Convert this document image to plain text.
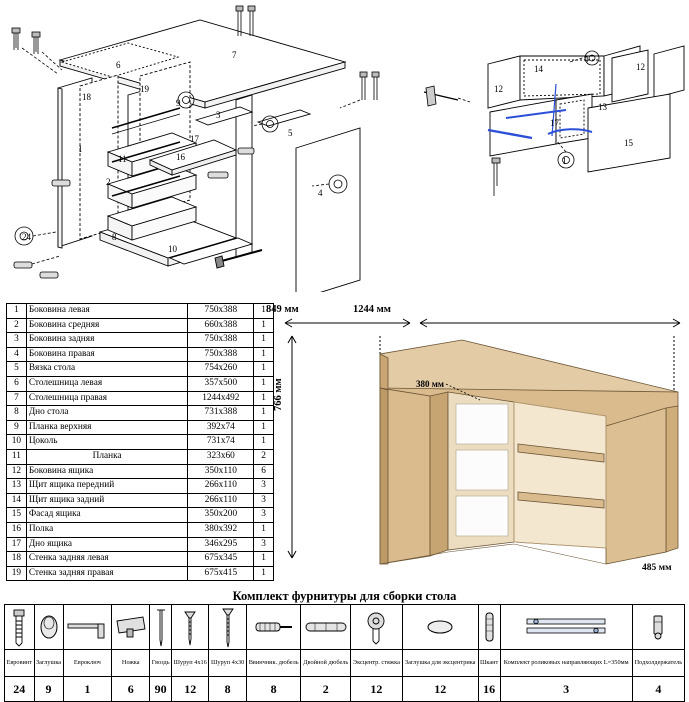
1
2
6
7
18
19
11	16
17
9
5
4
8
10
24
3
14	12
12
13
17
15
4
1
1	Боковина левая	750x388	1
2	Боковина средняя	660x388	1
3	Боковина задняя	750x388	1
4	Боковина правая	750x388	1
5	Вязка стола	754x260	1
6	Столешница левая	357x500	1
7	Столешница правая	1244x492	1
8	Дно стола	731x388	1
9	Планка верхняя	392x74	1
10	Цоколь	731x74	1
11	Планка	323x60	2
12	Боковина ящика	350x110	6
13	Щит ящика передний	266x110	3
14	Щит ящика задний	266x110	3
15	Фасад ящика	350x200	3
16	Полка	380x392	1
17	Дно ящика	346x295	3
18	Стенка задняя левая	675x345	1
19	Стенка задняя правая	675x415	1
1244 мм
849 мм
766 мм	380 мм
485 мм
Комплект фурнитуры для сборки стола

Евровинт	Заглушка	Евроключ	Ножка	Гвоздь	Шуруп 4х16	Шуруп 4х30	Ввинчник. дюбель	Двойной дюбель	Эксцентр. стяжка	Заглушка для эксцентрика	Шкант	Комплект роликовых направляющих L=350мм	Подхолдержатель
24	9	1	6	90	12	8	8	2	12	12	16	3	4
